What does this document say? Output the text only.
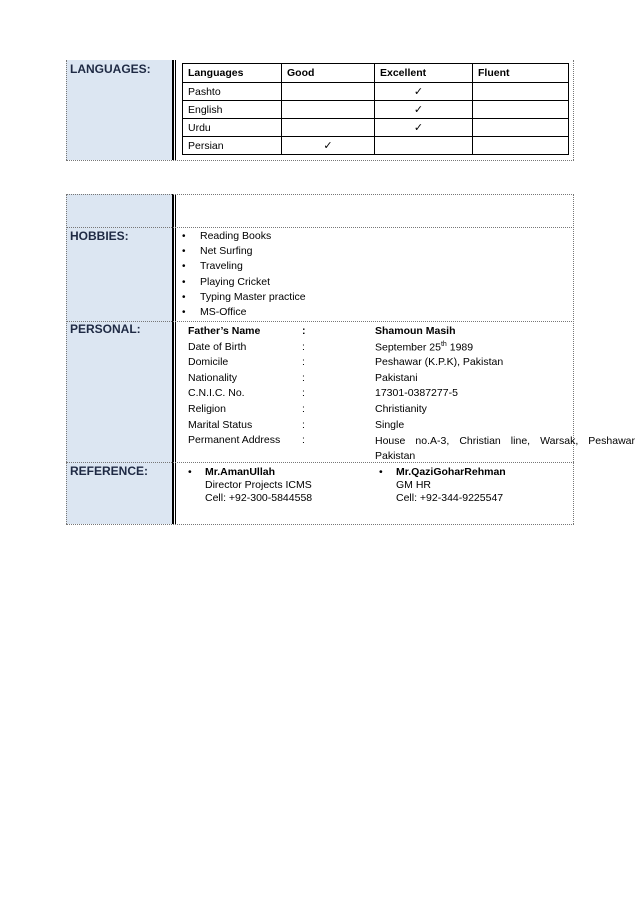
LANGUAGES:	Languages	Good	Excellent	Fluent
Pashto		✓	
English		✓	
Urdu		✓	
Persian	✓		
HOBBIES:	• Reading Books
• Net Surfing
• Traveling
• Playing Cricket
• Typing Master practice
• MS-Office
PERSONAL:	Father’s Name	:	Shamoun Masih
Date of Birth	:	September 25th 1989
Domicile	:	Peshawar (K.P.K), Pakistan
Nationality	:	Pakistani
C.N.I.C. No.	:	17301-0387277-5
Religion	:	Christianity
Marital Status	:	Single
Permanent Address :	House no.A-3, Christian line, Warsak, Peshawar Pakistan
REFERENCE:	• Mr.AmanUllah
Director Projects ICMS
Cell: +92-300-5844558
• Mr.QaziGoharRehman
GM HR
Cell: +92-344-9225547
